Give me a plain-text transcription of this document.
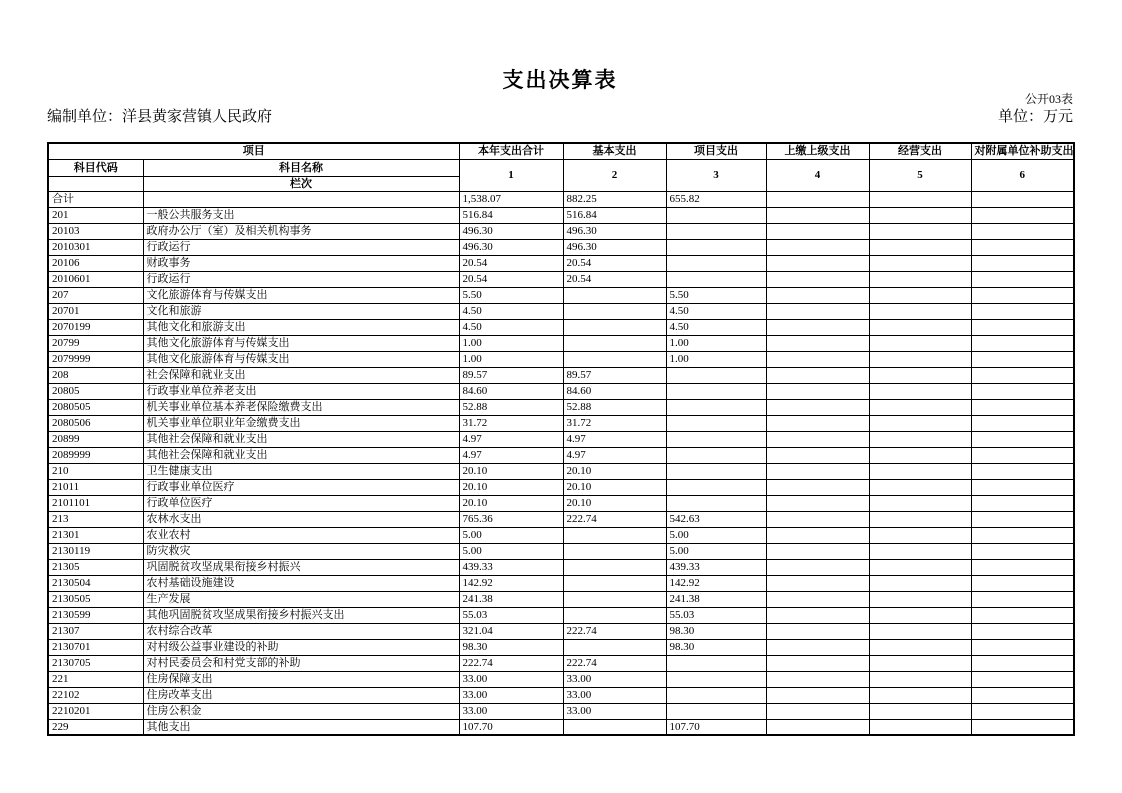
支出决算表
公开03表
编制单位：洋县黄家营镇人民政府	单位：万元
项目		本年支出合计	基本支出	项目支出	上缴上级支出	经营支出	对附属单位补助支出
科目代码	科目名称	1	2	3	4	5	6
	栏次						
合计		1,538.07	882.25	655.82			
201	一般公共服务支出	516.84	516.84				
20103	政府办公厅（室）及相关机构事务	496.30	496.30				
2010301	行政运行	496.30	496.30				
20106	财政事务	20.54	20.54				
2010601	行政运行	20.54	20.54				
207	文化旅游体育与传媒支出	5.50		5.50			
20701	文化和旅游	4.50		4.50			
2070199	其他文化和旅游支出	4.50		4.50			
20799	其他文化旅游体育与传媒支出	1.00		1.00			
2079999	其他文化旅游体育与传媒支出	1.00		1.00			
208	社会保障和就业支出	89.57	89.57				
20805	行政事业单位养老支出	84.60	84.60				
2080505	机关事业单位基本养老保险缴费支出	52.88	52.88				
2080506	机关事业单位职业年金缴费支出	31.72	31.72				
20899	其他社会保障和就业支出	4.97	4.97				
2089999	其他社会保障和就业支出	4.97	4.97				
210	卫生健康支出	20.10	20.10				
21011	行政事业单位医疗	20.10	20.10				
2101101	行政单位医疗	20.10	20.10				
213	农林水支出	765.36	222.74	542.63			
21301	农业农村	5.00		5.00			
2130119	防灾救灾	5.00		5.00			
21305	巩固脱贫攻坚成果衔接乡村振兴	439.33		439.33			
2130504	农村基础设施建设	142.92		142.92			
2130505	生产发展	241.38		241.38			
2130599	其他巩固脱贫攻坚成果衔接乡村振兴支出	55.03		55.03			
21307	农村综合改革	321.04	222.74	98.30			
2130701	对村级公益事业建设的补助	98.30		98.30			
2130705	对村民委员会和村党支部的补助	222.74	222.74				
221	住房保障支出	33.00	33.00				
22102	住房改革支出	33.00	33.00				
2210201	住房公积金	33.00	33.00				
229	其他支出	107.70		107.70			
